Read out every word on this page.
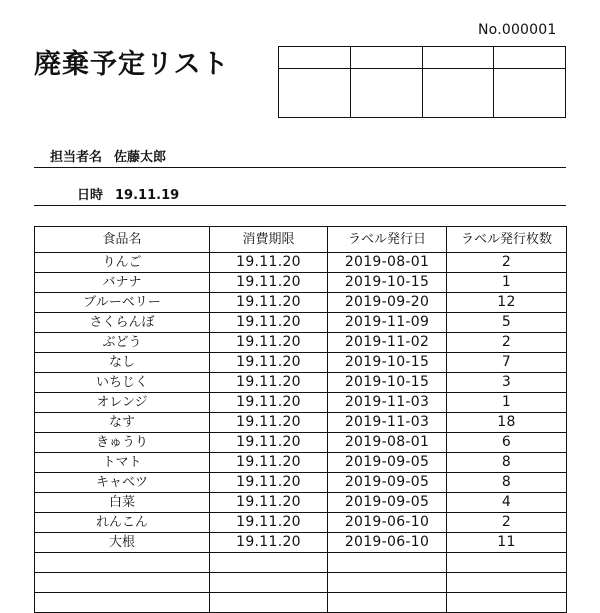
No.000001
廃棄予定リスト
担当者名 佐藤太郎
日時 19.11.19
食品名	消費期限	ラベル発行日	ラベル発行枚数
りんご	19.11.20	2019-08-01	2
バナナ	19.11.20	2019-10-15	1
ブルーベリー	19.11.20	2019-09-20	12
さくらんぼ	19.11.20	2019-11-09	5
ぶどう	19.11.20	2019-11-02	2
なし	19.11.20	2019-10-15	7
いちじく	19.11.20	2019-10-15	3
オレンジ	19.11.20	2019-11-03	1
なす	19.11.20	2019-11-03	18
きゅうり	19.11.20	2019-08-01	6
トマト	19.11.20	2019-09-05	8
キャベツ	19.11.20	2019-09-05	8
白菜	19.11.20	2019-09-05	4
れんこん	19.11.20	2019-06-10	2
大根	19.11.20	2019-06-10	11
